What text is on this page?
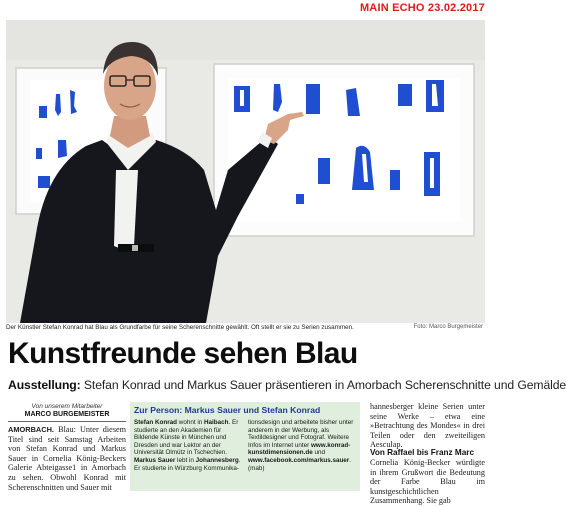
MAIN ECHO 23.02.2017
Der Künstler Stefan Konrad hat Blau als Grundfarbe für seine Scherenschnitte gewählt. Oft stellt er sie zu Serien zusammen.	Foto: Marco Burgemeister
Kunstfreunde sehen Blau
Ausstellung: Stefan Konrad und Markus Sauer präsentieren in Amorbach Scherenschnitte und Gemälde
Von unserem Mitarbeiter
MARCO BURGEMEISTER
AMORBACH. Blau: Unter diesem Titel sind seit Samstag Arbeiten von Stefan Konrad und Markus Sauer in Cornelia König-Beckers Galerie Abteigasse1 in Amorbach zu sehen. Obwohl Konrad mit Scherenschnitten und Sauer mit
Zur Person: Markus Sauer und Stefan Konrad
Stefan Konrad wohnt in Haibach. Er studierte an den Akademien für Bildende Künste in München und Dresden und war Lektor an der Universität Olmütz in Tschechien. Markus Sauer lebt in Johannesberg. Er studierte in Würzburg Kommunika-
tionsdesign und arbeitete bisher unter anderem in der Werbung, als Textildesigner und Fotograf. Weitere Infos im Internet unter www.konrad-kunstdimensionen.de und www.facebook.com/markus.sauer. (mab)
hannesberger kleine Serien unter seine Werke – etwa eine »Betrachtung des Mondes« in drei Teilen oder den zweiteiligen Aesculap.
Von Raffael bis Franz Marc
Cornelia König-Becker würdigte in ihrem Grußwort die Bedeutung der Farbe Blau im kunstgeschichtlichen Zusammenhang. Sie gab
